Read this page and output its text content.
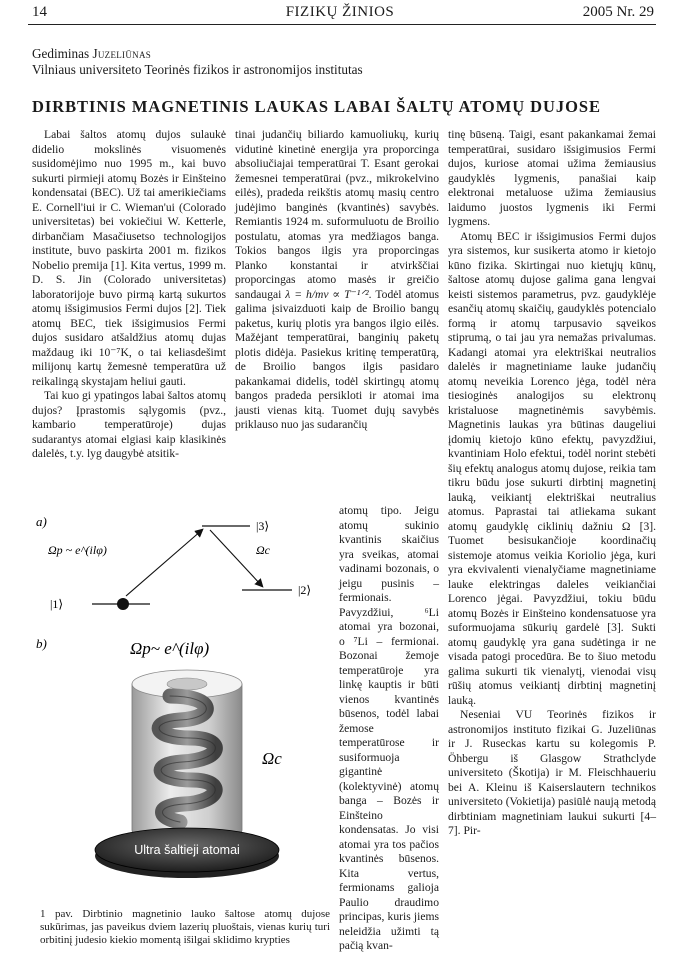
14	FIZIKŲ ŽINIOS	2005 Nr. 29
Gediminas Juzeliūnas
Vilniaus universiteto Teorinės fizikos ir astronomijos institutas
DIRBTINIS MAGNETINIS LAUKAS LABAI ŠALTŲ ATOMŲ DUJOSE

Labai šaltos atomų dujos sulaukė didelio mokslinės visuomenės susidomėjimo nuo 1995 m., kai buvo sukurti pirmieji atomų Bozės ir Einšteino kondensatai (BEC). Už tai amerikiečiams E. Cornell'iui ir C. Wieman'ui (Colorado universitetas) bei vokiečiui W. Ketterle, dirbančiam Masačiusetso technologijos institute, buvo paskirta 2001 m. fizikos Nobelio premija [1]. Kita vertus, 1999 m. D. S. Jin (Colorado universitetas) laboratorijoje buvo pirmą kartą sukurtos atomų išsigimusios Fermi dujos [2]. Tiek atomų BEC, tiek išsigimusios Fermi dujos susidaro atšaldžius atomų dujas maždaug iki 10⁻⁷K, o tai keliasdešimt milijonų kartų žemesnė temperatūra už reikalingą skystajam heliui gauti.

Tai kuo gi ypatingos labai šaltos atomų dujos? Įprastomis sąlygomis (pvz., kambario temperatūroje) dujas sudarantys atomai elgiasi kaip klasikinės dalelės, t.y. lyg daugybė atsitik-

tinai judančių biliardo kamuoliukų, kurių vidutinė kinetinė energija yra proporcinga absoliučiajai temperatūrai T. Esant gerokai žemesnei temperatūrai (pvz., mikrokelvino eilės), pradeda reikštis atomų masių centro judėjimo banginės (kvantinės) savybės. Remiantis 1924 m. suformuluotu de Broilio postulatu, atomas yra medžiagos banga. Tokios bangos ilgis yra proporcingas Planko konstantai ir atvirkščiai proporcingas atomo masės ir greičio sandaugai λ = h/mv ∝ T⁻¹ᐟ². Todėl atomus galima įsivaizduoti kaip de Broilio bangų paketus, kurių plotis yra bangos ilgio eilės. Mažėjant temperatūrai, banginių paketų plotis didėja. Pasiekus kritinę temperatūrą, de Broilio bangos ilgis pasidaro pakankamai didelis, todėl skirtingų atomų bangos pradeda persikloti ir atomai ima jausti vienas kitą. Tuomet dujų savybės priklauso nuo jas sudarančių

atomų tipo. Jeigu atomų sukinio kvantinis skaičius yra sveikas, atomai vadinami bozonais, o jeigu pusinis – fermionais. Pavyzdžiui, ⁶Li atomai yra bozonai, o ⁷Li – fermionai. Bozonai žemoje temperatūroje yra linkę kauptis ir būti vienos kvantinės būsenos, todėl labai žemose temperatūrose ir susiformuoja gigantinė (kolektyvinė) atomų banga – Bozės ir Einšteino kondensatas. Jo visi atomai yra tos pačios kvantinės būsenos. Kita vertus, fermionams galioja Paulio draudimo principas, kuris jiems neleidžia užimti tą pačią kvan-

tinę būseną. Taigi, esant pakankamai žemai temperatūrai, susidaro išsigimusios Fermi dujos, kuriose atomai užima žemiausius gaudyklės lygmenis, panašiai kaip elektronai metaluose užima žemiausius laidumo juostos lygmenis iki Fermi lygmens.

Atomų BEC ir išsigimusios Fermi dujos yra sistemos, kur susikerta atomo ir kietojo kūno fizika. Skirtingai nuo kietųjų kūnų, šaltose atomų dujose galima gana lengvai keisti sistemos parametrus, pvz. gaudyklėje esančių atomų skaičių, gaudyklės potencialo formą ir atomų tarpusavio sąveikos stiprumą, o tai jau yra nemažas privalumas. Kadangi atomai yra elektriškai neutralios dalelės ir magnetiniame lauke judančių atomų neveikia Lorenco jėga, todėl nėra tiesioginės analogijos su elektronų kristaluose magnetinėmis savybėmis. Magnetinis laukas yra būtinas daugeliui įdomių kietojo kūno efektų, pavyzdžiui, kvantiniam Holo efektui, todėl norint stebėti šių efektų analogus atomų dujose, reikia tam tikru būdu jose sukurti dirbtinį magnetinį lauką, veikiantį elektriškai neutralius atomus. Paprastai tai atliekama sukant atomų gaudyklę ciklinių dažniu Ω [3]. Tuomet besisukančioje koordinačių sistemoje atomus veikia Koriolio jėga, kuri yra ekvivalenti vienalyčiame magnetiniame lauke elektringas daleles veikiančiai Lorenco jėgai. Pavyzdžiui, tokiu būdu atomų Bozės ir Einšteino kondensatuose yra suformuojama sūkurių gardelė [3]. Sukti atomų gaudyklę yra gana sudėtinga ir ne visada patogi procedūra. Be to šiuo metodu galima sukurti tik vienalytį, vienodai visų rūšių atomus veikiantį dirbtinį magnetinį lauką.

Neseniai VU Teorinės fizikos ir astronomijos instituto fizikai G. Juzeliūnas ir J. Ruseckas kartu su kolegomis P. Öhbergu iš Glasgow Strathclyde universiteto (Škotija) ir M. Fleischhaueriu bei A. Kleinu iš Kaiserslautern technikos universiteto (Vokietija) pasiūlė naują metodą dirbtiniam magnetiniam laukui sukurti [4–7]. Pir-

a)	|3⟩
|1⟩
|2⟩
Ωp ~ e^(ilφ)	Ωc
b)	Ωp~ e^(ilφ)
Ωc
Ultra šaltieji atomai
1 pav. Dirbtinio magnetinio lauko šaltose atomų dujose sukūrimas, jas paveikus dviem lazerių pluoštais, vienas kurių turi orbitinį judesio kiekio momentą išilgai sklidimo krypties
